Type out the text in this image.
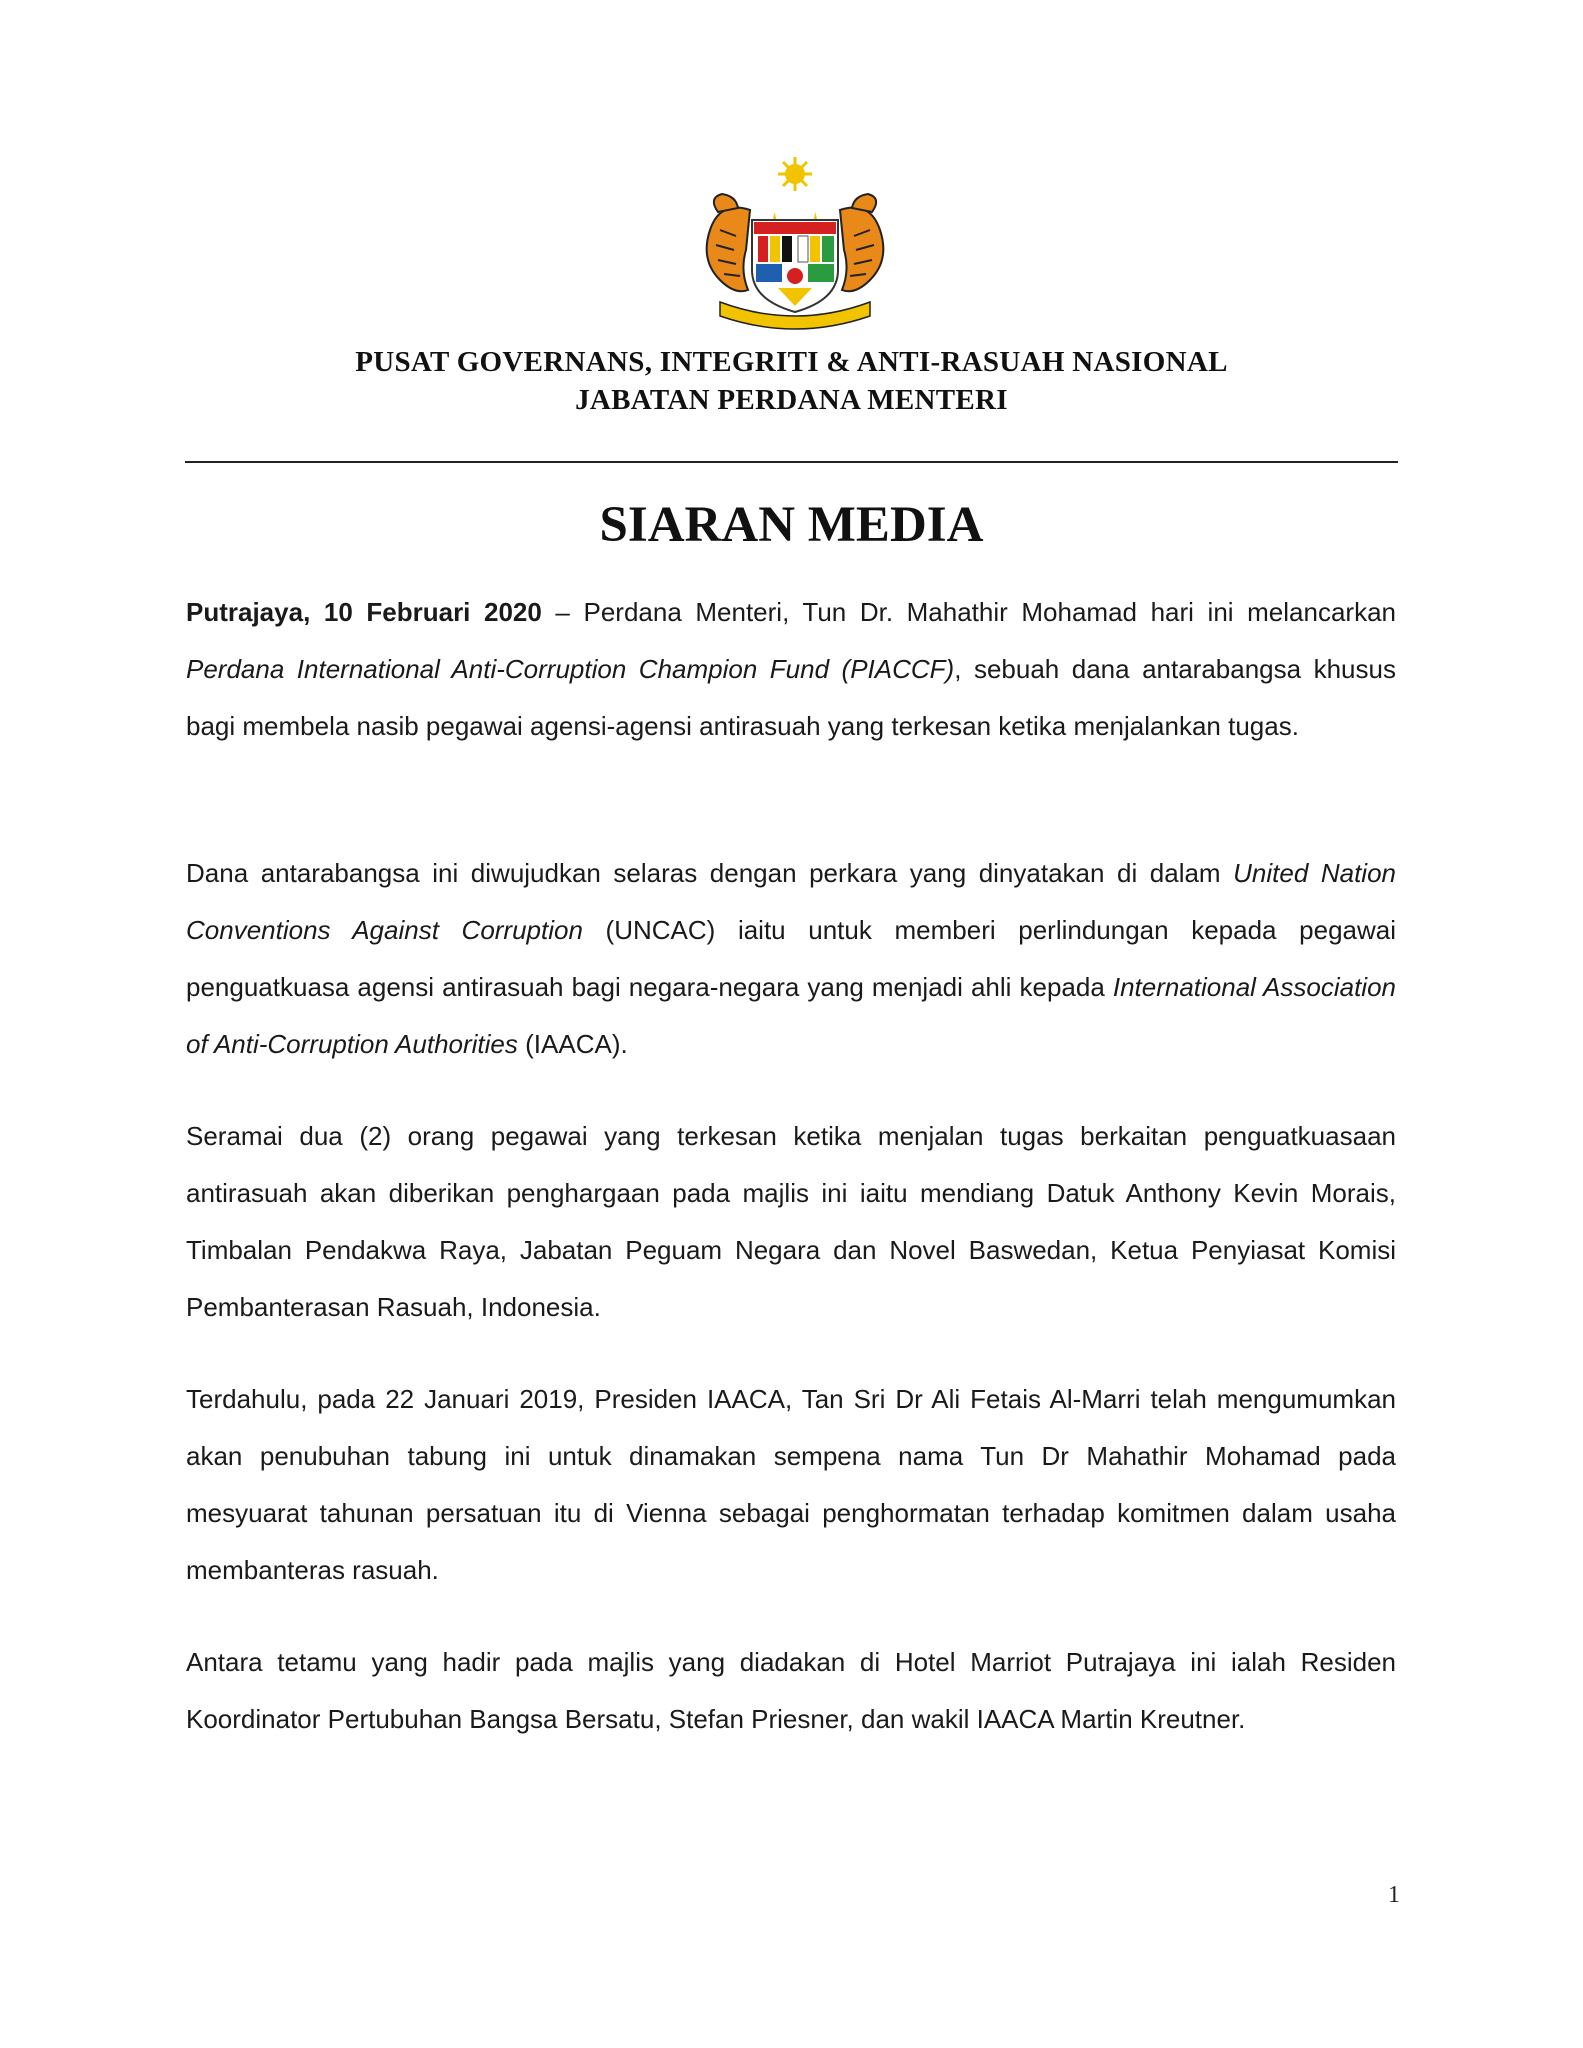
PUSAT GOVERNANS, INTEGRITI & ANTI-RASUAH NASIONAL
JABATAN PERDANA MENTERI
SIARAN MEDIA
Putrajaya, 10 Februari 2020 – Perdana Menteri, Tun Dr. Mahathir Mohamad hari ini melancarkan Perdana International Anti-Corruption Champion Fund (PIACCF), sebuah dana antarabangsa khusus bagi membela nasib pegawai agensi-agensi antirasuah yang terkesan ketika menjalankan tugas.
Dana antarabangsa ini diwujudkan selaras dengan perkara yang dinyatakan di dalam United Nation Conventions Against Corruption (UNCAC) iaitu untuk memberi perlindungan kepada pegawai penguatkuasa agensi antirasuah bagi negara-negara yang menjadi ahli kepada International Association of Anti-Corruption Authorities (IAACA).
Seramai dua (2) orang pegawai yang terkesan ketika menjalan tugas berkaitan penguatkuasaan antirasuah akan diberikan penghargaan pada majlis ini iaitu mendiang Datuk Anthony Kevin Morais, Timbalan Pendakwa Raya, Jabatan Peguam Negara dan Novel Baswedan, Ketua Penyiasat Komisi Pembanterasan Rasuah, Indonesia.
Terdahulu, pada 22 Januari 2019, Presiden IAACA, Tan Sri Dr Ali Fetais Al-Marri telah mengumumkan akan penubuhan tabung ini untuk dinamakan sempena nama Tun Dr Mahathir Mohamad pada mesyuarat tahunan persatuan itu di Vienna sebagai penghormatan terhadap komitmen dalam usaha membanteras rasuah.
Antara tetamu yang hadir pada majlis yang diadakan di Hotel Marriot Putrajaya ini ialah Residen Koordinator Pertubuhan Bangsa Bersatu, Stefan Priesner, dan wakil IAACA Martin Kreutner.
1
